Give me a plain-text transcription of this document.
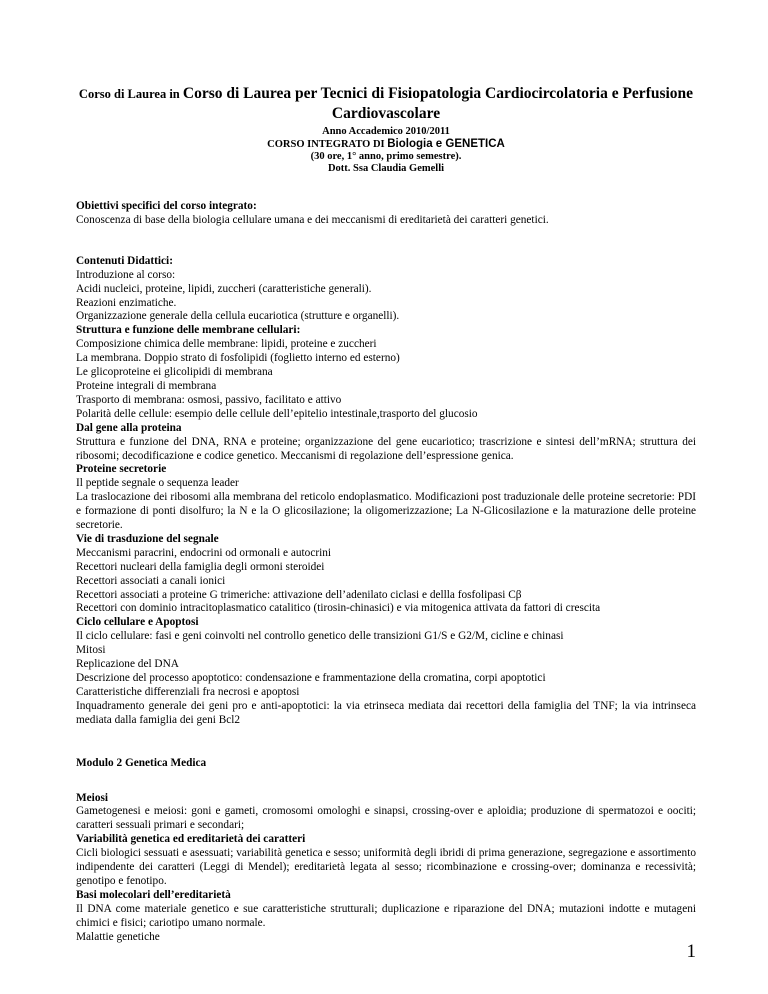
Corso di Laurea in Corso di Laurea per Tecnici di Fisiopatologia Cardiocircolatoria e Perfusione Cardiovascolare

Anno Accademico 2010/2011

CORSO INTEGRATO DI Biologia e GENETICA

(30 ore, 1° anno, primo semestre).

Dott. Ssa Claudia Gemelli

Obiettivi specifici del corso integrato:

Conoscenza di base della biologia cellulare umana e dei meccanismi di ereditarietà dei caratteri genetici.

Contenuti Didattici:

Introduzione al corso:

Acidi nucleici, proteine, lipidi, zuccheri (caratteristiche generali).

Reazioni enzimatiche.

Organizzazione generale della cellula eucariotica (strutture e organelli).

Struttura e funzione delle membrane cellulari:

Composizione chimica delle membrane: lipidi, proteine e zuccheri

La membrana. Doppio strato di fosfolipidi (foglietto interno ed esterno)

Le glicoproteine ei glicolipidi di membrana

Proteine integrali di membrana

Trasporto di membrana: osmosi, passivo, facilitato e attivo

Polarità delle cellule: esempio delle cellule dell’epitelio intestinale,trasporto del glucosio

Dal gene alla proteina

Struttura e funzione del DNA, RNA e proteine; organizzazione del gene eucariotico; trascrizione e sintesi dell’mRNA; struttura dei ribosomi; decodificazione e codice genetico. Meccanismi di regolazione dell’espressione genica.

Proteine secretorie

Il peptide segnale o sequenza leader

La traslocazione dei ribosomi alla membrana del reticolo endoplasmatico. Modificazioni post traduzionale delle proteine secretorie: PDI e formazione di ponti disolfuro; la N e la O glicosilazione; la oligomerizzazione; La N-Glicosilazione e la maturazione delle proteine secretorie.

Vie di trasduzione del segnale

Meccanismi paracrini, endocrini od ormonali e autocrini

Recettori nucleari della famiglia degli ormoni steroidei

Recettori associati a canali ionici

Recettori associati a proteine G trimeriche: attivazione dell’adenilato ciclasi e dellla fosfolipasi Cβ

Recettori con dominio intracitoplasmatico catalitico (tirosin-chinasici) e via mitogenica attivata da fattori di crescita

Ciclo cellulare e Apoptosi

Il ciclo cellulare: fasi e geni coinvolti nel controllo genetico delle transizioni G1/S e G2/M, cicline e chinasi

Mitosi

Replicazione del DNA

Descrizione del processo apoptotico: condensazione e frammentazione della cromatina, corpi apoptotici

Caratteristiche differenziali fra necrosi e apoptosi

Inquadramento generale dei geni pro e anti-apoptotici: la via etrinseca mediata dai recettori della famiglia del TNF; la via intrinseca mediata dalla famiglia dei geni Bcl2

Modulo 2 Genetica Medica

Meiosi

Gametogenesi e meiosi: goni e gameti, cromosomi omologhi e sinapsi, crossing-over e aploidia; produzione di spermatozoi e oociti; caratteri sessuali primari e secondari;

Variabilità genetica ed ereditarietà dei caratteri

Cicli biologici sessuati e asessuati; variabilità genetica e sesso; uniformità degli ibridi di prima generazione, segregazione e assortimento indipendente dei caratteri (Leggi di Mendel); ereditarietà legata al sesso; ricombinazione e crossing-over; dominanza e recessività; genotipo e fenotipo.

Basi molecolari dell’ereditarietà

Il DNA come materiale genetico e sue caratteristiche strutturali; duplicazione e riparazione del DNA; mutazioni indotte e mutageni chimici e fisici; cariotipo umano normale.

Malattie genetiche

1
